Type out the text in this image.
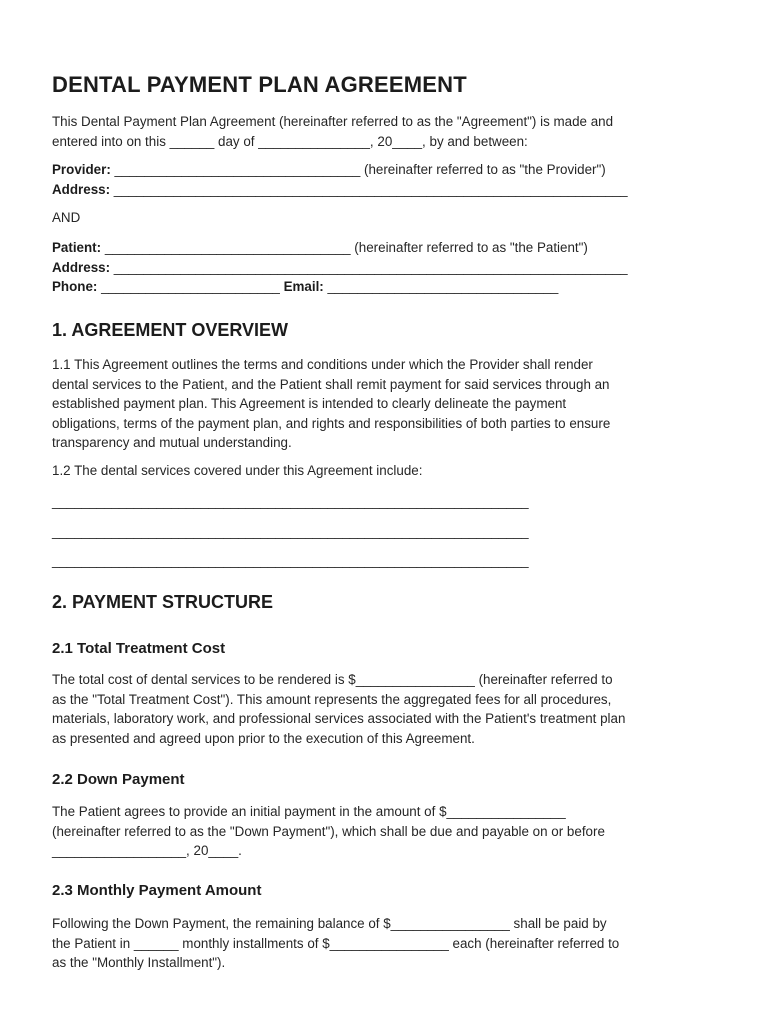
DENTAL PAYMENT PLAN AGREEMENT
This Dental Payment Plan Agreement (hereinafter referred to as the "Agreement") is made and
entered into on this ______ day of _______________, 20____, by and between:
Provider: _________________________________ (hereinafter referred to as "the Provider")
Address: _____________________________________________________________________
AND
Patient: _________________________________ (hereinafter referred to as "the Patient")
Address: _____________________________________________________________________
Phone: ________________________ Email: _______________________________
1. AGREEMENT OVERVIEW
1.1 This Agreement outlines the terms and conditions under which the Provider shall render
dental services to the Patient, and the Patient shall remit payment for said services through an
established payment plan. This Agreement is intended to clearly delineate the payment
obligations, terms of the payment plan, and rights and responsibilities of both parties to ensure
transparency and mutual understanding.
1.2 The dental services covered under this Agreement include:
________________________________________________________________
________________________________________________________________
________________________________________________________________
2. PAYMENT STRUCTURE
2.1 Total Treatment Cost
The total cost of dental services to be rendered is $________________ (hereinafter referred to
as the "Total Treatment Cost"). This amount represents the aggregated fees for all procedures,
materials, laboratory work, and professional services associated with the Patient's treatment plan
as presented and agreed upon prior to the execution of this Agreement.
2.2 Down Payment
The Patient agrees to provide an initial payment in the amount of $________________
(hereinafter referred to as the "Down Payment"), which shall be due and payable on or before
__________________, 20____.
2.3 Monthly Payment Amount
Following the Down Payment, the remaining balance of $________________ shall be paid by
the Patient in ______ monthly installments of $________________ each (hereinafter referred to
as the "Monthly Installment").
